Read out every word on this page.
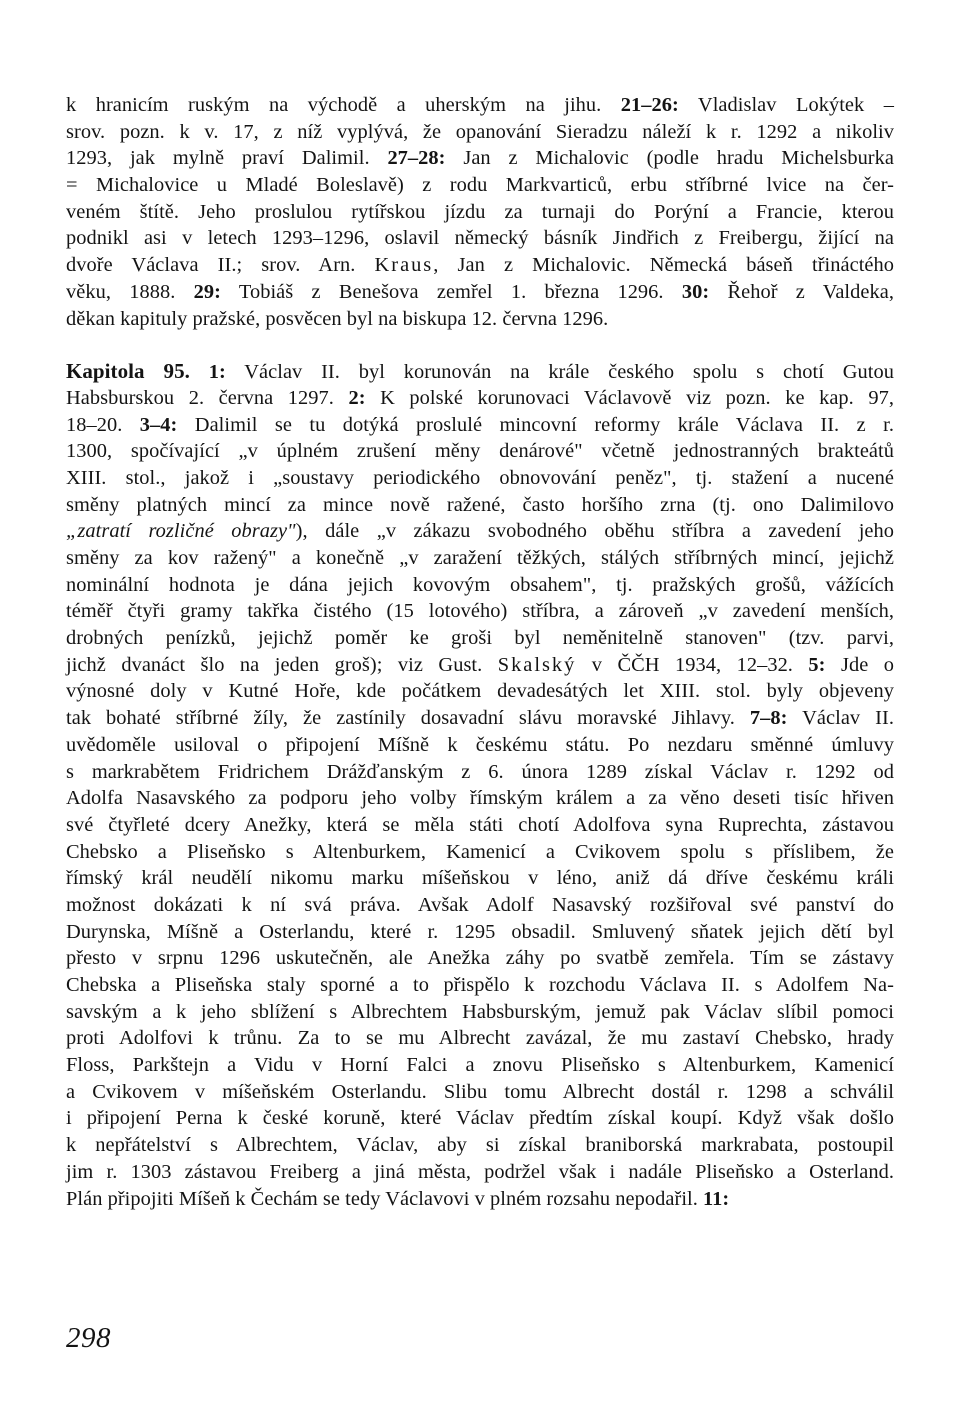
k hranicím ruským na východě a uherským na jihu. 21–26: Vladislav Lokýtek –
srov. pozn. k v. 17, z níž vyplývá, že opanování Sieradzu náleží k r. 1292 a nikoliv
1293, jak mylně praví Dalimil. 27–28: Jan z Michalovic (podle hradu Michelsburka
= Michalovice u Mladé Boleslavě) z rodu Markvarticů, erbu stříbrné lvice na čer-
veném štítě. Jeho proslulou rytířskou jízdu za turnaji do Porýní a Francie, kterou
podnikl asi v letech 1293–1296, oslavil německý básník Jindřich z Freibergu, žijící na
dvoře Václava II.; srov. Arn. Kraus, Jan z Michalovic. Německá báseň třináctého
věku, 1888. 29: Tobiáš z Benešova zemřel 1. března 1296. 30: Řehoř z Valdeka,
děkan kapituly pražské, posvěcen byl na biskupa 12. června 1296.
Kapitola 95. 1: Václav II. byl korunován na krále českého spolu s chotí Gutou
Habsburskou 2. června 1297. 2: K polské korunovaci Václavově viz pozn. ke kap. 97,
18–20. 3–4: Dalimil se tu dotýká proslulé mincovní reformy krále Václava II. z r.
1300, spočívající „v úplném zrušení měny denárové" včetně jednostranných brakteátů
XIII. stol., jakož i „soustavy periodického obnovování peněz", tj. stažení a nucené
směny platných mincí za mince nově ražené, často horšího zrna (tj. ono Dalimilovo
„zatratí rozličné obrazy"), dále „v zákazu svobodného oběhu stříbra a zavedení jeho
směny za kov ražený" a konečně „v zaražení těžkých, stálých stříbrných mincí, jejichž
nominální hodnota je dána jejich kovovým obsahem", tj. pražských grošů, vážících
téměř čtyři gramy takřka čistého (15 lotového) stříbra, a zároveň „v zavedení menších,
drobných penízků, jejichž poměr ke groši byl neměnitelně stanoven" (tzv. parvi,
jichž dvanáct šlo na jeden groš); viz Gust. Skalský v ČČH 1934, 12–32. 5: Jde o
výnosné doly v Kutné Hoře, kde počátkem devadesátých let XIII. stol. byly objeveny
tak bohaté stříbrné žíly, že zastínily dosavadní slávu moravské Jihlavy. 7–8: Václav II.
uvědoměle usiloval o připojení Míšně k českému státu. Po nezdaru směnné úmluvy
s markrabětem Fridrichem Drážďanským z 6. února 1289 získal Václav r. 1292 od
Adolfa Nasavského za podporu jeho volby římským králem a za věno deseti tisíc hřiven
své čtyřleté dcery Anežky, která se měla státi chotí Adolfova syna Ruprechta, zástavou
Chebsko a Pliseňsko s Altenburkem, Kamenicí a Cvikovem spolu s příslibem, že
římský král neudělí nikomu marku míšeňskou v léno, aniž dá dříve českému králi
možnost dokázati k ní svá práva. Avšak Adolf Nasavský rozšiřoval své panství do
Durynska, Míšně a Osterlandu, které r. 1295 obsadil. Smluvený sňatek jejich dětí byl
přesto v srpnu 1296 uskutečněn, ale Anežka záhy po svatbě zemřela. Tím se zástavy
Chebska a Pliseňska staly sporné a to přispělo k rozchodu Václava II. s Adolfem Na-
savským a k jeho sblížení s Albrechtem Habsburským, jemuž pak Václav slíbil pomoci
proti Adolfovi k trůnu. Za to se mu Albrecht zavázal, že mu zastaví Chebsko, hrady
Floss, Parkštejn a Vidu v Horní Falci a znovu Pliseňsko s Altenburkem, Kamenicí
a Cvikovem v míšeňském Osterlandu. Slibu tomu Albrecht dostál r. 1298 a schválil
i připojení Perna k české koruně, které Václav předtím získal koupí. Když však došlo
k nepřátelství s Albrechtem, Václav, aby si získal braniborská markrabata, postoupil
jim r. 1303 zástavou Freiberg a jiná města, podržel však i nadále Pliseňsko a Osterland.
Plán připojiti Míšeň k Čechám se tedy Václavovi v plném rozsahu nepodařil. 11:
298
